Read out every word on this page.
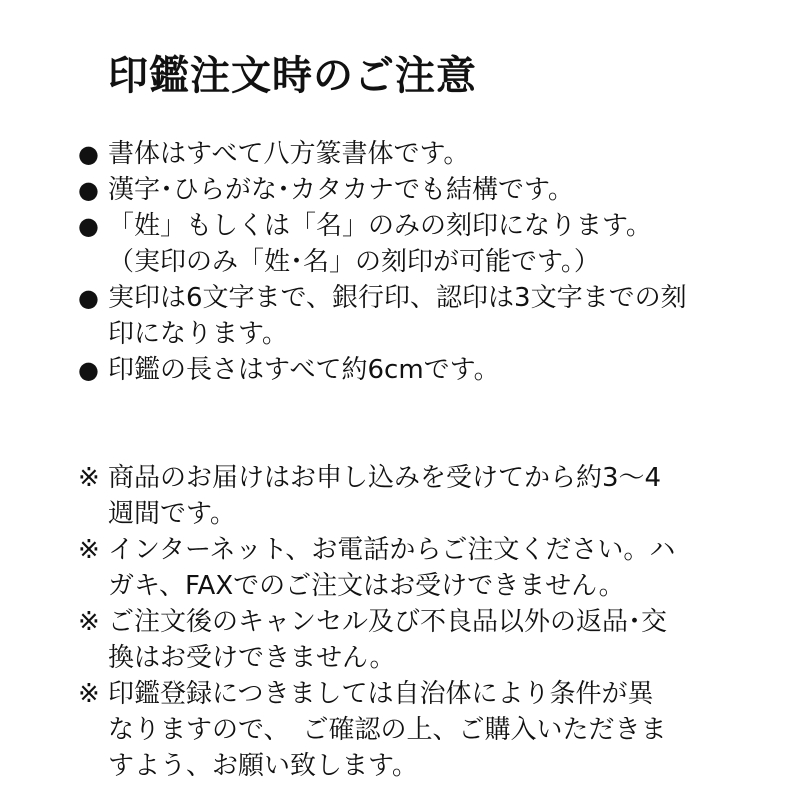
印鑑注文時のご注意
● 書体はすべて八方篆書体です。
● 漢字･ひらがな･カタカナでも結構です。
● 「姓」もしくは「名」のみの刻印になります。
（実印のみ「姓･名」の刻印が可能です。）
● 実印は6文字まで、銀行印、認印は3文字までの刻
印になります。
● 印鑑の長さはすべて約6cmです。
※ 商品のお届けはお申し込みを受けてから約3～4
週間です。
※ インターネット、お電話からご注文ください。ハ
ガキ、FAXでのご注文はお受けできません。
※ ご注文後のキャンセル及び不良品以外の返品･交
換はお受けできません。
※ 印鑑登録につきましては自治体により条件が異
なりますので、　ご確認の上、ご購入いただきま
すよう、お願い致します。
